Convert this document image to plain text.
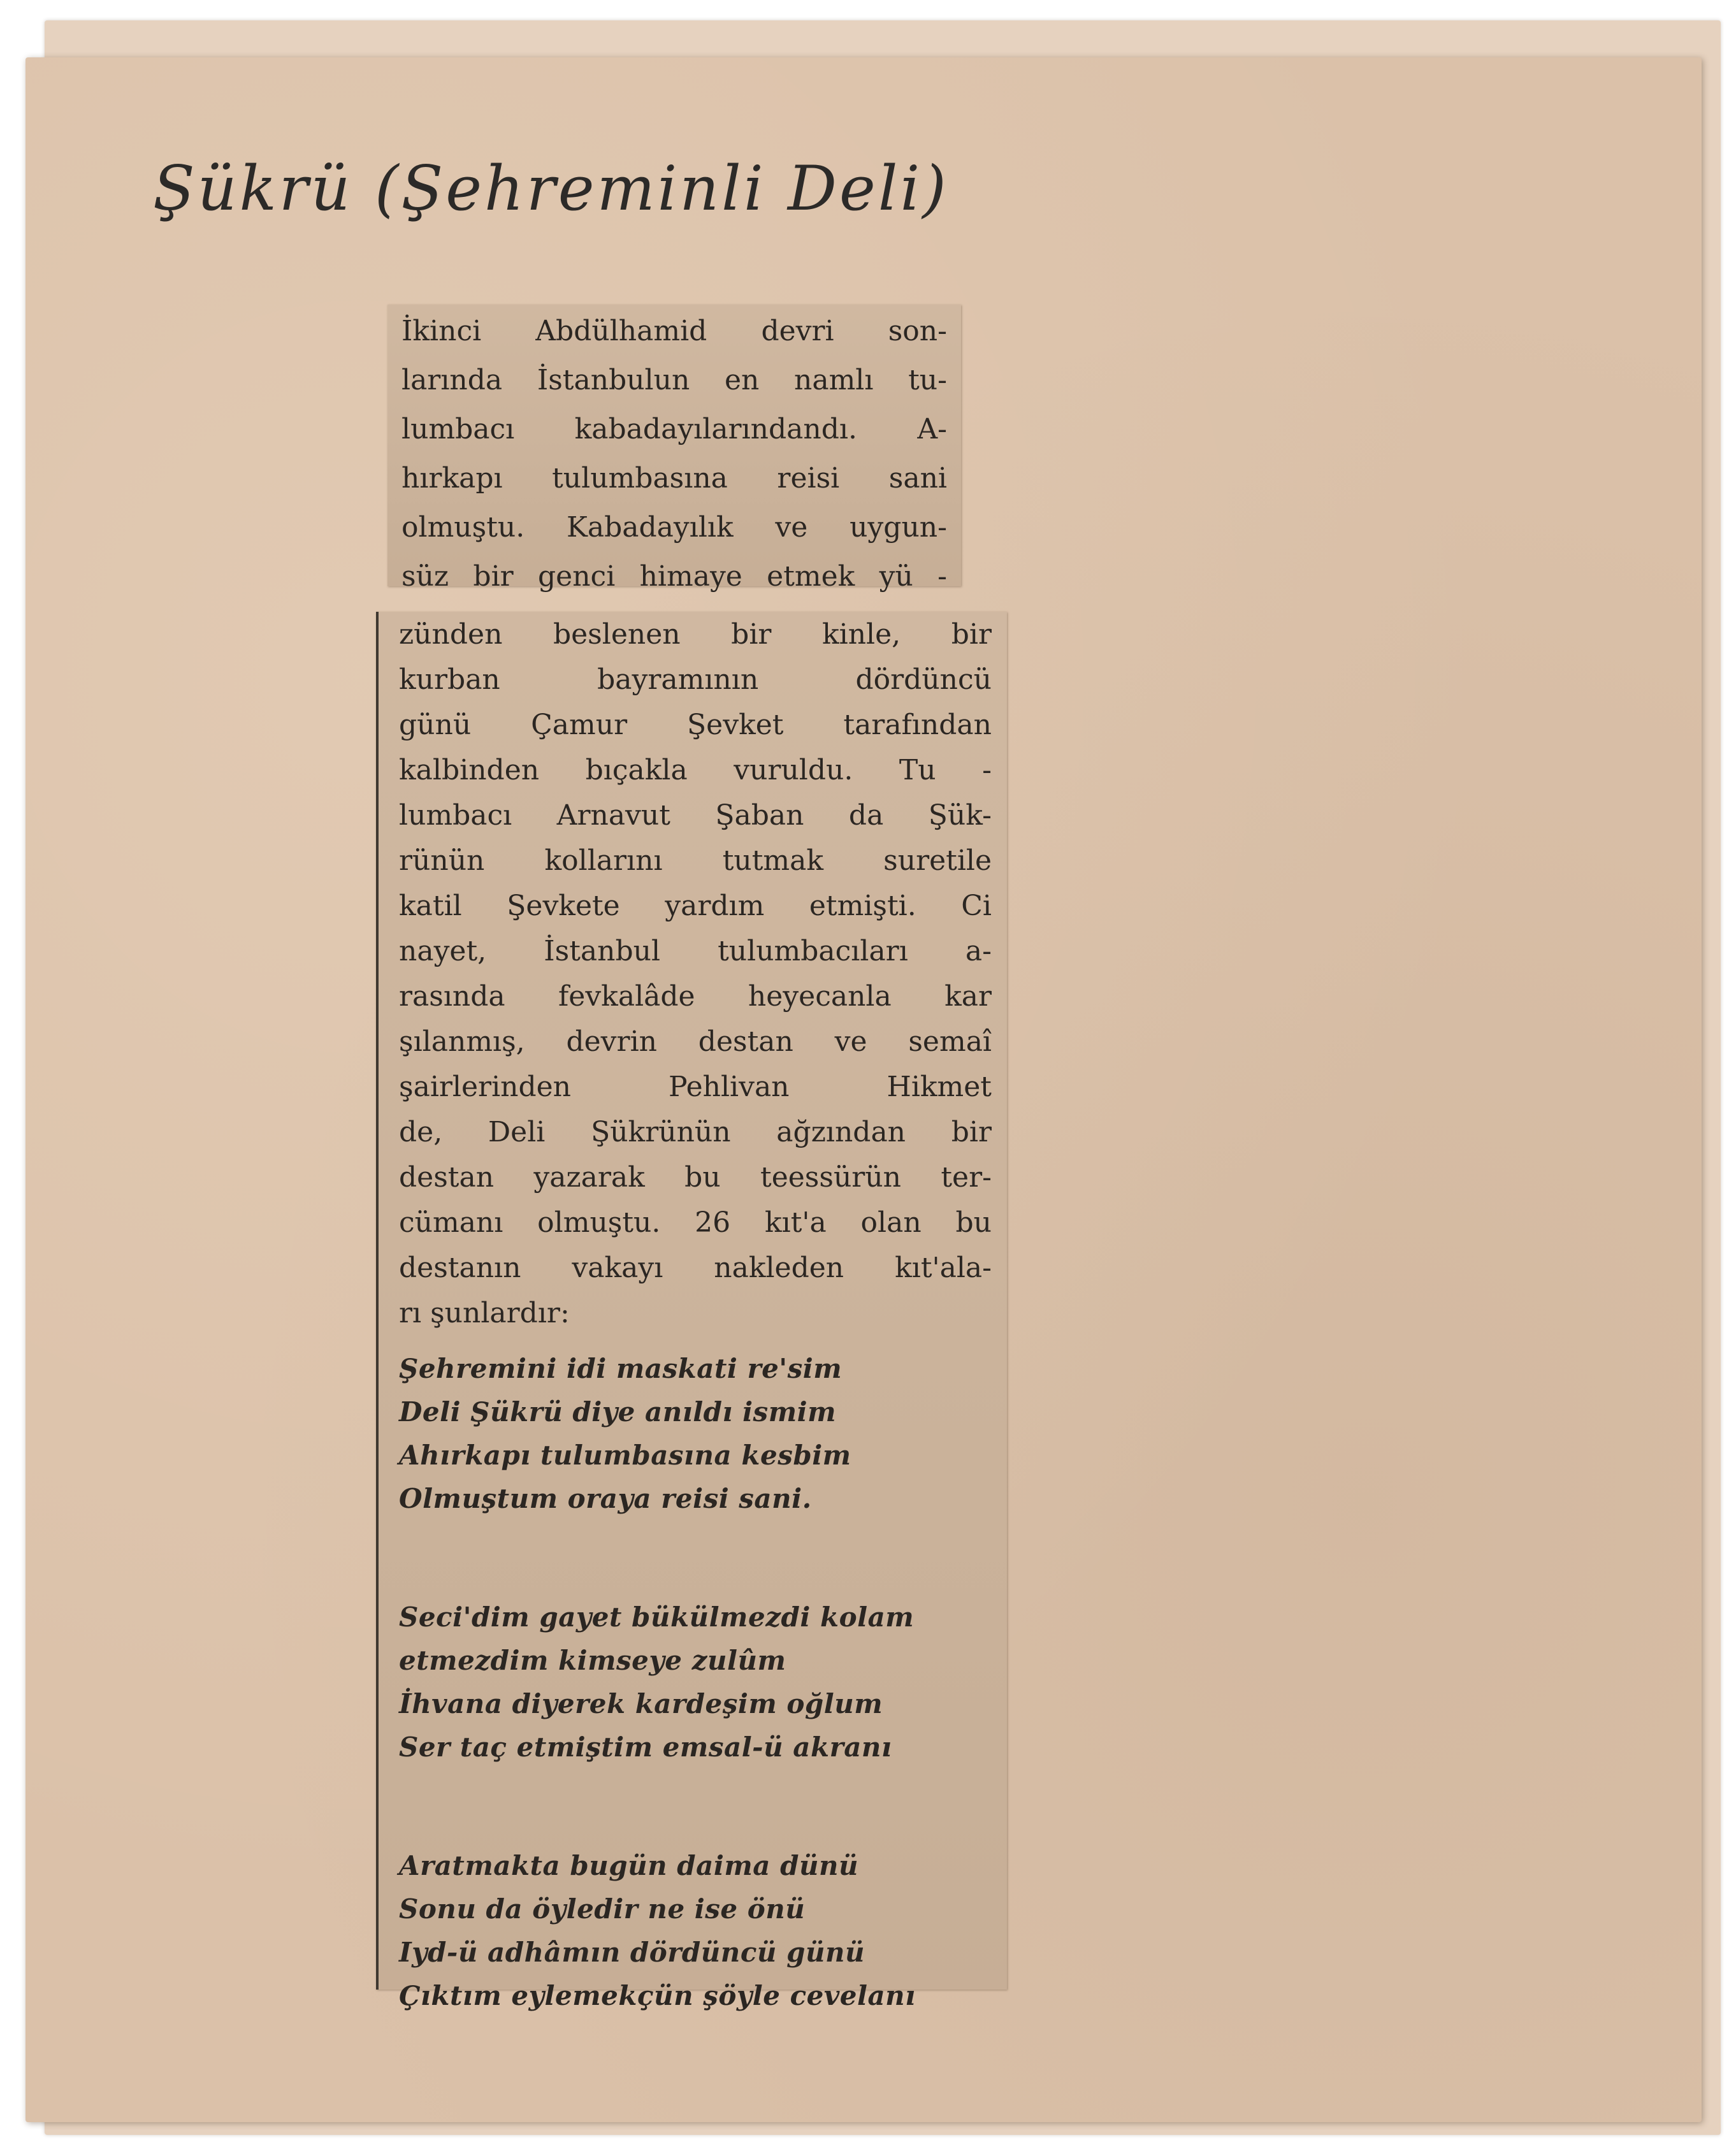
Şükrü (Şehreminli Deli)
İkinci Abdülhamid devri son-
larında İstanbulun en namlı tu-
lumbacı kabadayılarındandı. A-
hırkapı tulumbasına reisi sani
olmuştu. Kabadayılık ve uygun-
süz bir genci himaye etmek yü -
zünden beslenen bir kinle, bir
kurban bayramının dördüncü
günü Çamur Şevket tarafından
kalbinden bıçakla vuruldu. Tu -
lumbacı Arnavut Şaban da Şük-
rünün kollarını tutmak suretile
katil Şevkete yardım etmişti. Ci
nayet, İstanbul tulumbacıları a-
rasında fevkalâde heyecanla kar
şılanmış, devrin destan ve semaî
şairlerinden Pehlivan Hikmet
de, Deli Şükrünün ağzından bir
destan yazarak bu teessürün ter-
cümanı olmuştu. 26 kıt'a olan bu
destanın vakayı nakleden kıt'ala-
rı şunlardır:
Şehremini idi maskati re'sim
Deli Şükrü diye anıldı ismim
Ahırkapı tulumbasına kesbim
Olmuştum oraya reisi sani.
Seci'dim gayet bükülmezdi kolam
etmezdim kimseye zulûm
İhvana diyerek kardeşim oğlum
Ser taç etmiştim emsal-ü akranı
Aratmakta bugün daima dünü
Sonu da öyledir ne ise önü
Iyd-ü adhâmın dördüncü günü
Çıktım eylemekçün şöyle cevelanı
